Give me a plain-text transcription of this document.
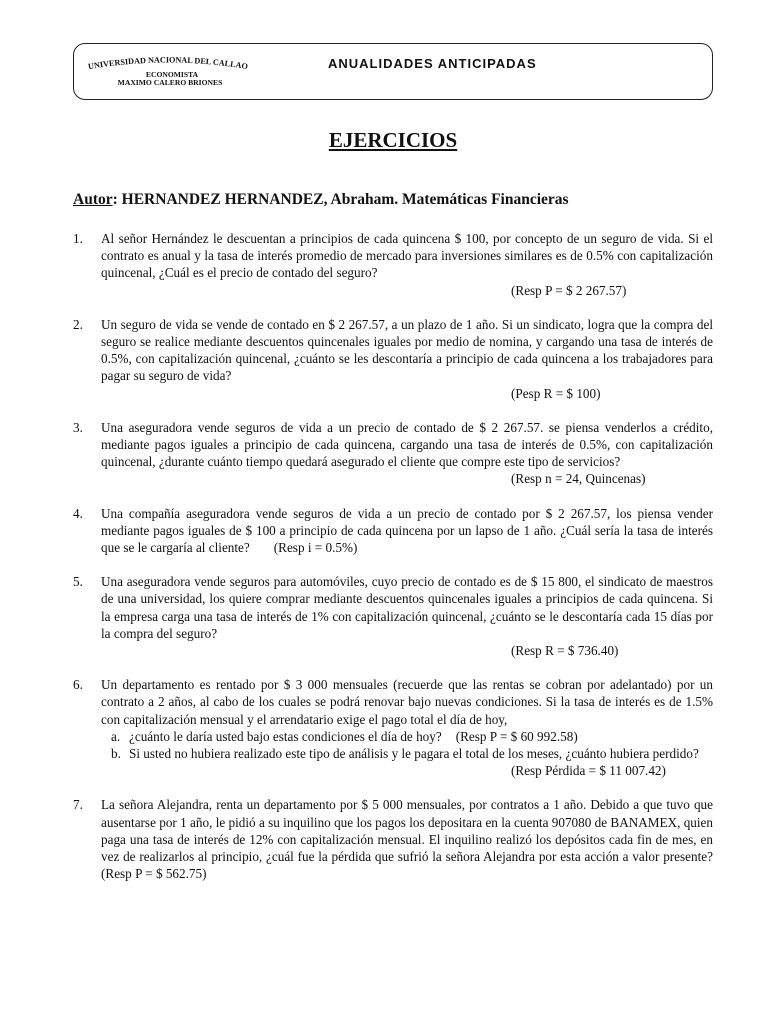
UNIVERSIDAD NACIONAL DEL CALLAO
ECONOMISTA
MAXIMO CALERO BRIONES
ANUALIDADES ANTICIPADAS
EJERCICIOS
Autor: HERNANDEZ HERNANDEZ, Abraham. Matemáticas Financieras
1. Al señor Hernández le descuentan a principios de cada quincena $ 100, por concepto de un seguro de vida. Si el contrato es anual y la tasa de interés promedio de mercado para inversiones similares es de 0.5% con capitalización quincenal, ¿Cuál es el precio de contado del seguro?
(Resp P = $ 2 267.57)
2. Un seguro de vida se vende de contado en $ 2 267.57, a un plazo de 1 año. Si un sindicato, logra que la compra del seguro se realice mediante descuentos quincenales iguales por medio de nomina, y cargando una tasa de interés de 0.5%, con capitalización quincenal, ¿cuánto se les descontaría a principio de cada quincena a los trabajadores para pagar su seguro de vida?
(Pesp R = $ 100)
3. Una aseguradora vende seguros de vida a un precio de contado de $ 2 267.57. se piensa venderlos a crédito, mediante pagos iguales a principio de cada quincena, cargando una tasa de interés de 0.5%, con capitalización quincenal, ¿durante cuánto tiempo quedará asegurado el cliente que compre este tipo de servicios?
(Resp n = 24, Quincenas)
4. Una compañía aseguradora vende seguros de vida a un precio de contado por $ 2 267.57, los piensa vender mediante pagos iguales de $ 100 a principio de cada quincena por un lapso de 1 año. ¿Cuál sería la tasa de interés que se le cargaría al cliente? (Resp i = 0.5%)
5. Una aseguradora vende seguros para automóviles, cuyo precio de contado es de $ 15 800, el sindicato de maestros de una universidad, los quiere comprar mediante descuentos quincenales iguales a principios de cada quincena. Si la empresa carga una tasa de interés de 1% con capitalización quincenal, ¿cuánto se le descontaría cada 15 días por la compra del seguro?
(Resp R = $ 736.40)
6. Un departamento es rentado por $ 3 000 mensuales (recuerde que las rentas se cobran por adelantado) por un contrato a 2 años, al cabo de los cuales se podrá renovar bajo nuevas condiciones. Si la tasa de interés es de 1.5% con capitalización mensual y el arrendatario exige el pago total el día de hoy,
a. ¿cuánto le daría usted bajo estas condiciones el día de hoy? (Resp P = $ 60 992.58)
b. Si usted no hubiera realizado este tipo de análisis y le pagara el total de los meses, ¿cuánto hubiera perdido?
(Resp Pérdida = $ 11 007.42)
7. La señora Alejandra, renta un departamento por $ 5 000 mensuales, por contratos a 1 año. Debido a que tuvo que ausentarse por 1 año, le pidió a su inquilino que los pagos los depositara en la cuenta 907080 de BANAMEX, quien paga una tasa de interés de 12% con capitalización mensual. El inquilino realizó los depósitos cada fin de mes, en vez de realizarlos al principio, ¿cuál fue la pérdida que sufrió la señora Alejandra por esta acción a valor presente? (Resp P = $ 562.75)
